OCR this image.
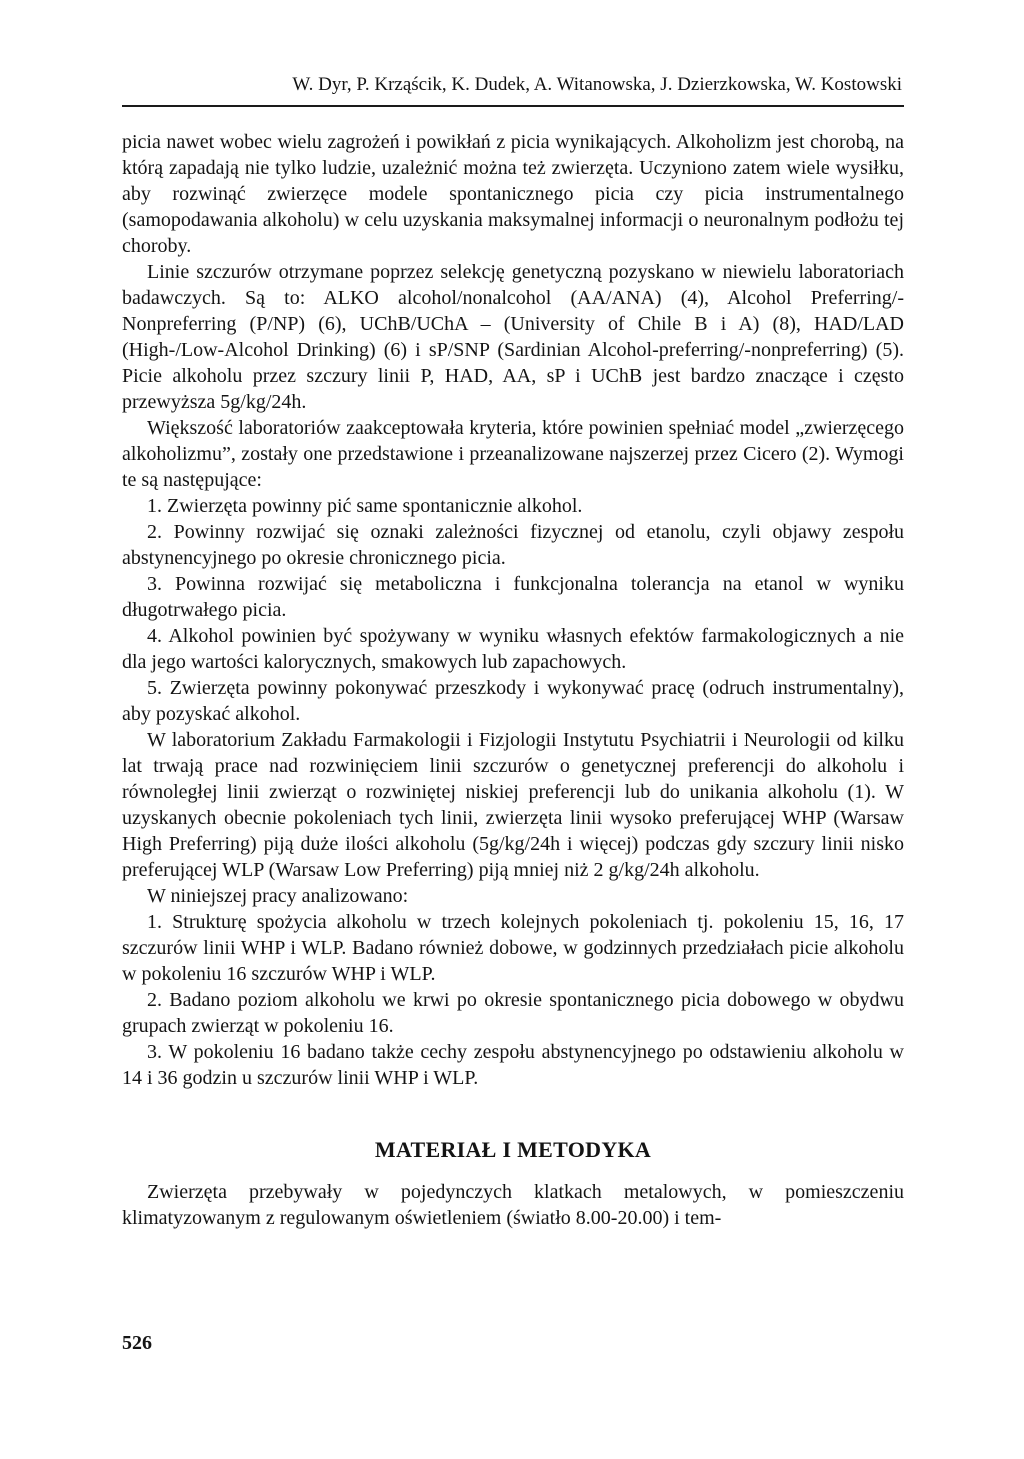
W. Dyr, P. Krząścik, K. Dudek, A. Witanowska, J. Dzierzkowska, W. Kostowski

picia nawet wobec wielu zagrożeń i powikłań z picia wynikających. Alkoholizm jest chorobą, na którą zapadają nie tylko ludzie, uzależnić można też zwierzęta. Uczyniono zatem wiele wysiłku, aby rozwinąć zwierzęce modele spontanicznego picia czy picia instrumentalnego (samopodawania alkoholu) w celu uzyskania maksymalnej informacji o neuronalnym podłożu tej choroby.

Linie szczurów otrzymane poprzez selekcję genetyczną pozyskano w niewielu laboratoriach badawczych. Są to: ALKO alcohol/nonalcohol (AA/ANA) (4), Alcohol Preferring/-Nonpreferring (P/NP) (6), UChB/UChA – (University of Chile B i A) (8), HAD/LAD (High-/Low-Alcohol Drinking) (6) i sP/SNP (Sardinian Alcohol-preferring/-nonpreferring) (5). Picie alkoholu przez szczury linii P, HAD, AA, sP i UChB jest bardzo znaczące i często przewyższa 5g/kg/24h.

Większość laboratoriów zaakceptowała kryteria, które powinien spełniać model „zwierzęcego alkoholizmu”, zostały one przedstawione i przeanalizowane najszerzej przez Cicero (2). Wymogi te są następujące:

1. Zwierzęta powinny pić same spontanicznie alkohol.

2. Powinny rozwijać się oznaki zależności fizycznej od etanolu, czyli objawy zespołu abstynencyjnego po okresie chronicznego picia.

3. Powinna rozwijać się metaboliczna i funkcjonalna tolerancja na etanol w wyniku długotrwałego picia.

4. Alkohol powinien być spożywany w wyniku własnych efektów farmakologicznych a nie dla jego wartości kalorycznych, smakowych lub zapachowych.

5. Zwierzęta powinny pokonywać przeszkody i wykonywać pracę (odruch instrumentalny), aby pozyskać alkohol.

W laboratorium Zakładu Farmakologii i Fizjologii Instytutu Psychiatrii i Neurologii od kilku lat trwają prace nad rozwinięciem linii szczurów o genetycznej preferencji do alkoholu i równoległej linii zwierząt o rozwiniętej niskiej preferencji lub do unikania alkoholu (1). W uzyskanych obecnie pokoleniach tych linii, zwierzęta linii wysoko preferującej WHP (Warsaw High Preferring) piją duże ilości alkoholu (5g/kg/24h i więcej) podczas gdy szczury linii nisko preferującej WLP (Warsaw Low Preferring) piją mniej niż 2 g/kg/24h alkoholu.

W niniejszej pracy analizowano:

1. Strukturę spożycia alkoholu w trzech kolejnych pokoleniach tj. pokoleniu 15, 16, 17 szczurów linii WHP i WLP. Badano również dobowe, w godzinnych przedziałach picie alkoholu w pokoleniu 16 szczurów WHP i WLP.

2. Badano poziom alkoholu we krwi po okresie spontanicznego picia dobowego w obydwu grupach zwierząt w pokoleniu 16.

3. W pokoleniu 16 badano także cechy zespołu abstynencyjnego po odstawieniu alkoholu w 14 i 36 godzin u szczurów linii WHP i WLP.

MATERIAŁ I METODYKA

Zwierzęta przebywały w pojedynczych klatkach metalowych, w pomieszczeniu klimatyzowanym z regulowanym oświetleniem (światło 8.00-20.00) i tem-

526
